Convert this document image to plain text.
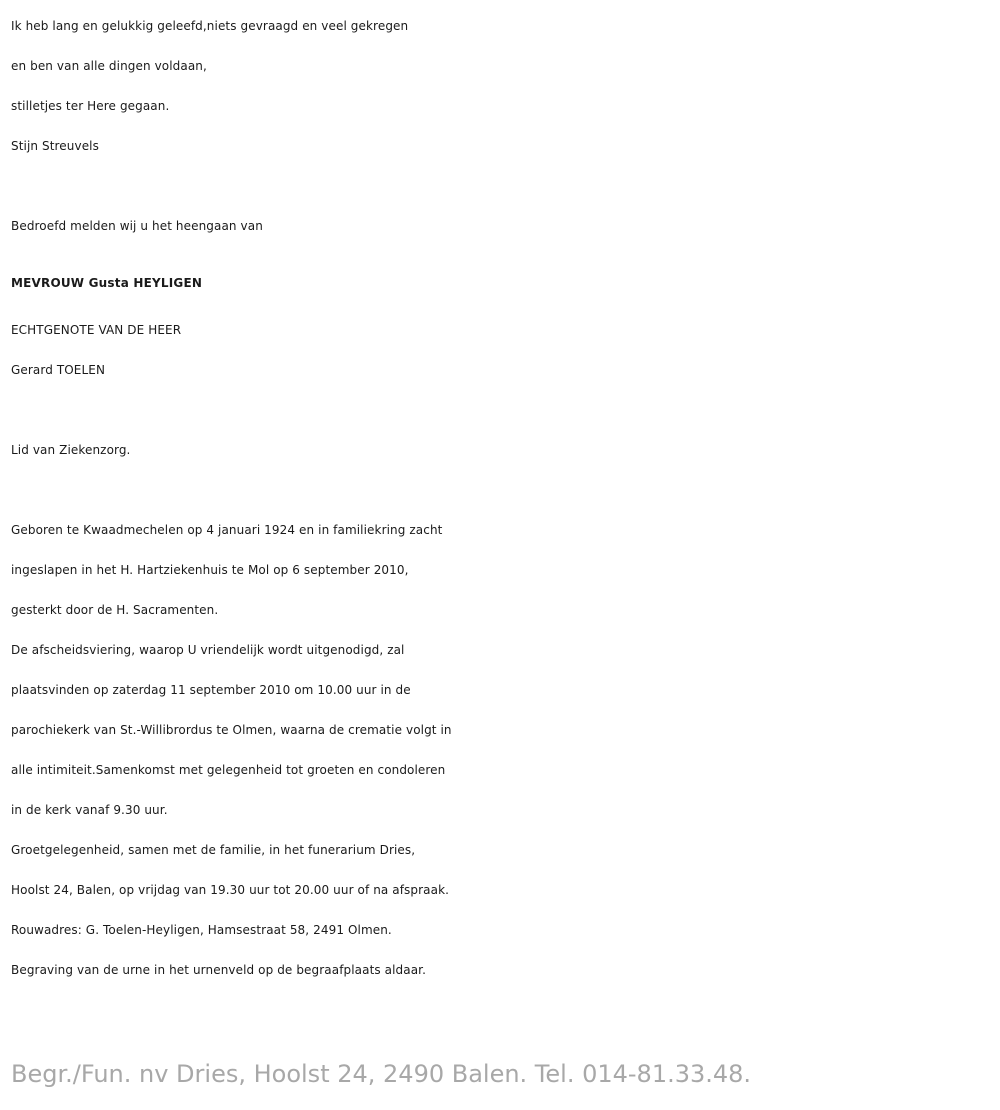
Ik heb lang en gelukkig geleefd,niets gevraagd en veel gekregen
en ben van alle dingen voldaan,
stilletjes ter Here gegaan.
Stijn Streuvels
Bedroefd melden wij u het heengaan van
MEVROUW Gusta HEYLIGEN
ECHTGENOTE VAN DE HEER
Gerard TOELEN
Lid van Ziekenzorg.
Geboren te Kwaadmechelen op 4 januari 1924 en in familiekring zacht
ingeslapen in het H. Hartziekenhuis te Mol op 6 september 2010,
gesterkt door de H. Sacramenten.
De afscheidsviering, waarop U vriendelijk wordt uitgenodigd, zal
plaatsvinden op zaterdag 11 september 2010 om 10.00 uur in de
parochiekerk van St.-Willibrordus te Olmen, waarna de crematie volgt in
alle intimiteit.Samenkomst met gelegenheid tot groeten en condoleren
in de kerk vanaf 9.30 uur.
Groetgelegenheid, samen met de familie, in het funerarium Dries,
Hoolst 24, Balen, op vrijdag van 19.30 uur tot 20.00 uur of na afspraak.
Rouwadres: G. Toelen-Heyligen, Hamsestraat 58, 2491 Olmen.
Begraving van de urne in het urnenveld op de begraafplaats aldaar.
Begr./Fun. nv Dries, Hoolst 24, 2490 Balen. Tel. 014-81.33.48.
